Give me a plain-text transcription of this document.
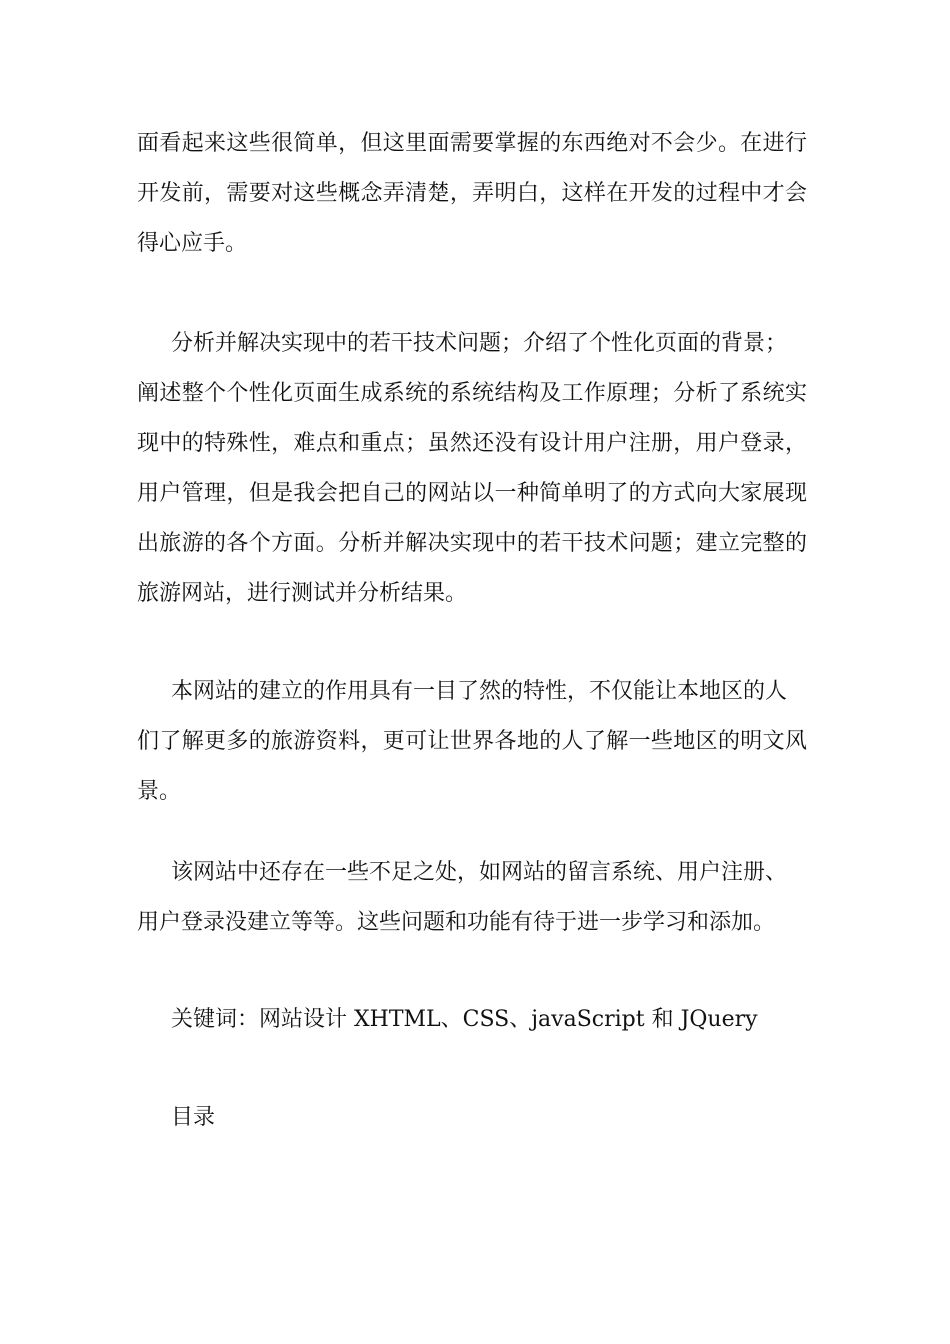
面看起来这些很简单，但这里面需要掌握的东西绝对不会少。在进行
开发前，需要对这些概念弄清楚，弄明白，这样在开发的过程中才会
得心应手。
分析并解决实现中的若干技术问题；介绍了个性化页面的背景；
阐述整个个性化页面生成系统的系统结构及工作原理；分析了系统实
现中的特殊性，难点和重点；虽然还没有设计用户注册，用户登录，
用户管理，但是我会把自己的网站以一种简单明了的方式向大家展现
出旅游的各个方面。分析并解决实现中的若干技术问题；建立完整的
旅游网站，进行测试并分析结果。
本网站的建立的作用具有一目了然的特性，不仅能让本地区的人
们了解更多的旅游资料，更可让世界各地的人了解一些地区的明文风
景。
该网站中还存在一些不足之处，如网站的留言系统、用户注册、
用户登录没建立等等。这些问题和功能有待于进一步学习和添加。
关键词：网站设计 XHTML、CSS、javaScript 和 JQuery
目录
